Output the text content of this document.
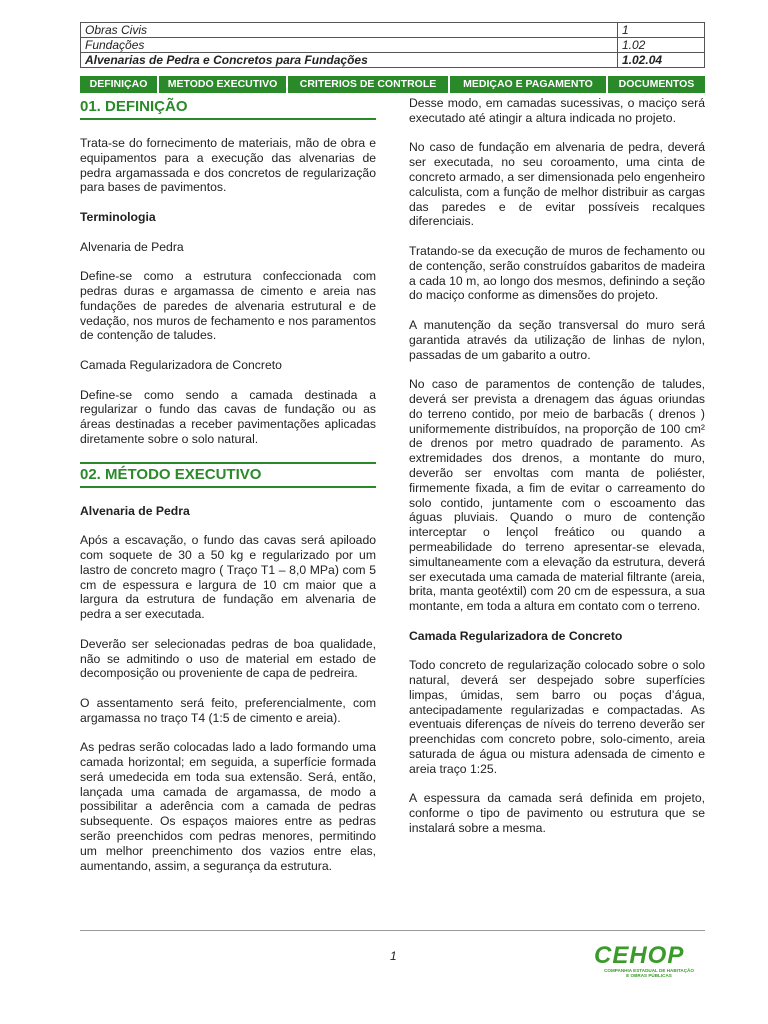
Obras Civis	1
Fundações	1.02
Alvenarias de Pedra e Concretos para Fundações	1.02.04
DEFINIÇAO	METODO EXECUTIVO	CRITERIOS DE CONTROLE	MEDIÇAO E PAGAMENTO	DOCUMENTOS
01. DEFINIÇÃO

Trata-se do fornecimento de materiais, mão de obra e equipamentos para a execução das alvenarias de pedra argamassada e dos concretos de regularização para bases de pavimentos.

Terminologia

Alvenaria de Pedra

Define-se como a estrutura confeccionada com pedras duras e argamassa de cimento e areia nas fundações de paredes de alvenaria estrutural e de vedação, nos muros de fechamento e nos paramentos de contenção de taludes.

Camada Regularizadora de Concreto

Define-se como sendo a camada destinada a regularizar o fundo das cavas de fundação ou as áreas destinadas a receber pavimentações aplicadas diretamente sobre o solo natural.

02. MÉTODO EXECUTIVO

Alvenaria de Pedra

Após a escavação, o fundo das cavas será apiloado com soquete de 30 a 50 kg e regularizado por um lastro de concreto magro ( Traço T1 – 8,0 MPa) com 5 cm de espessura e largura de 10 cm maior que a largura da estrutura de fundação em alvenaria de pedra a ser executada.

Deverão ser selecionadas pedras de boa qualidade, não se admitindo o uso de material em estado de decomposição ou proveniente de capa de pedreira.

O assentamento será feito, preferencialmente, com argamassa no traço T4 (1:5 de cimento e areia).

As pedras serão colocadas lado a lado formando uma camada horizontal; em seguida, a superfície formada será umedecida em toda sua extensão. Será, então, lançada uma camada de argamassa, de modo a possibilitar a aderência com a camada de pedras subsequente. Os espaços maiores entre as pedras serão preenchidos com pedras menores, permitindo um melhor preenchimento dos vazios entre elas, aumentando, assim, a segurança da estrutura.

Desse modo, em camadas sucessivas, o maciço será executado até atingir a altura indicada no projeto.

No caso de fundação em alvenaria de pedra, deverá ser executada, no seu coroamento, uma cinta de concreto armado, a ser dimensionada pelo engenheiro calculista, com a função de melhor distribuir as cargas das paredes e de evitar possíveis recalques diferenciais.

Tratando-se da execução de muros de fechamento ou de contenção, serão construídos gabaritos de madeira a cada 10 m, ao longo dos mesmos, definindo a seção do maciço conforme as dimensões do projeto.

A manutenção da seção transversal do muro será garantida através da utilização de linhas de nylon, passadas de um gabarito a outro.

No caso de paramentos de contenção de taludes, deverá ser prevista a drenagem das águas oriundas do terreno contido, por meio de barbacãs ( drenos ) uniformemente distribuídos, na proporção de 100 cm² de drenos por metro quadrado de paramento. As extremidades dos drenos, a montante do muro, deverão ser envoltas com manta de poliéster, firmemente fixada, a fim de evitar o carreamento do solo contido, juntamente com o escoamento das águas pluviais. Quando o muro de contenção interceptar o lençol freático ou quando a permeabilidade do terreno apresentar-se elevada, simultaneamente com a elevação da estrutura, deverá ser executada uma camada de material filtrante (areia, brita, manta geotéxtil) com 20 cm de espessura, a sua montante, em toda a altura em contato com o terreno.

Camada Regularizadora de Concreto

Todo concreto de regularização colocado sobre o solo natural, deverá ser despejado sobre superfícies limpas, úmidas, sem barro ou poças d’água, antecipadamente regularizadas e compactadas. As eventuais diferenças de níveis do terreno deverão ser preenchidas com concreto pobre, solo-cimento, areia saturada de água ou mistura adensada de cimento e areia traço 1:25.

A espessura da camada será definida em projeto, conforme o tipo de pavimento ou estrutura que se instalará sobre a mesma.

1	CEHOP
COMPANHIA ESTADUAL DE HABITAÇÃO
E OBRAS PÚBLICAS
